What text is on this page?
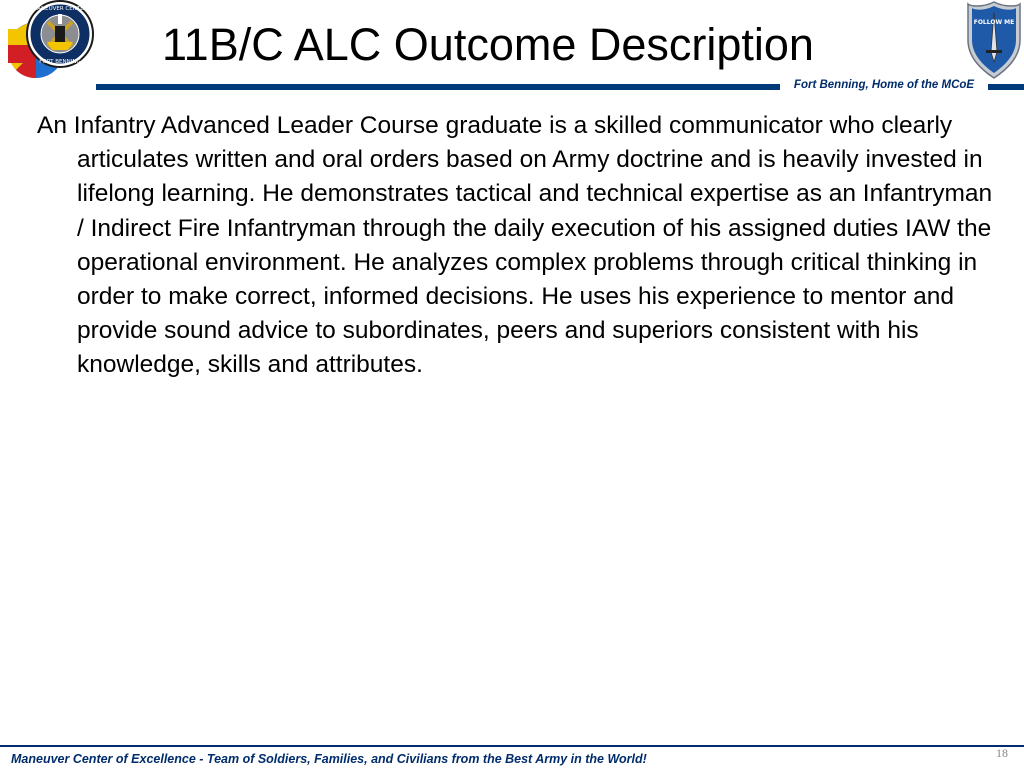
MANEUVER CENTER
FORT BENNING 11B/C ALC Outcome Description	FOLLOW ME
Fort Benning, Home of the MCoE

An Infantry Advanced Leader Course graduate is a skilled communicator who clearly articulates written and oral orders based on Army doctrine and is heavily invested in lifelong learning. He demonstrates tactical and technical expertise as an Infantryman / Indirect Fire Infantryman through the daily execution of his assigned duties IAW the operational environment. He analyzes complex problems through critical thinking in order to make correct, informed decisions. He uses his experience to mentor and provide sound advice to subordinates, peers and superiors consistent with his knowledge, skills and attributes.

Maneuver Center of Excellence - Team of Soldiers, Families, and Civilians from the Best Army in the World!	18
